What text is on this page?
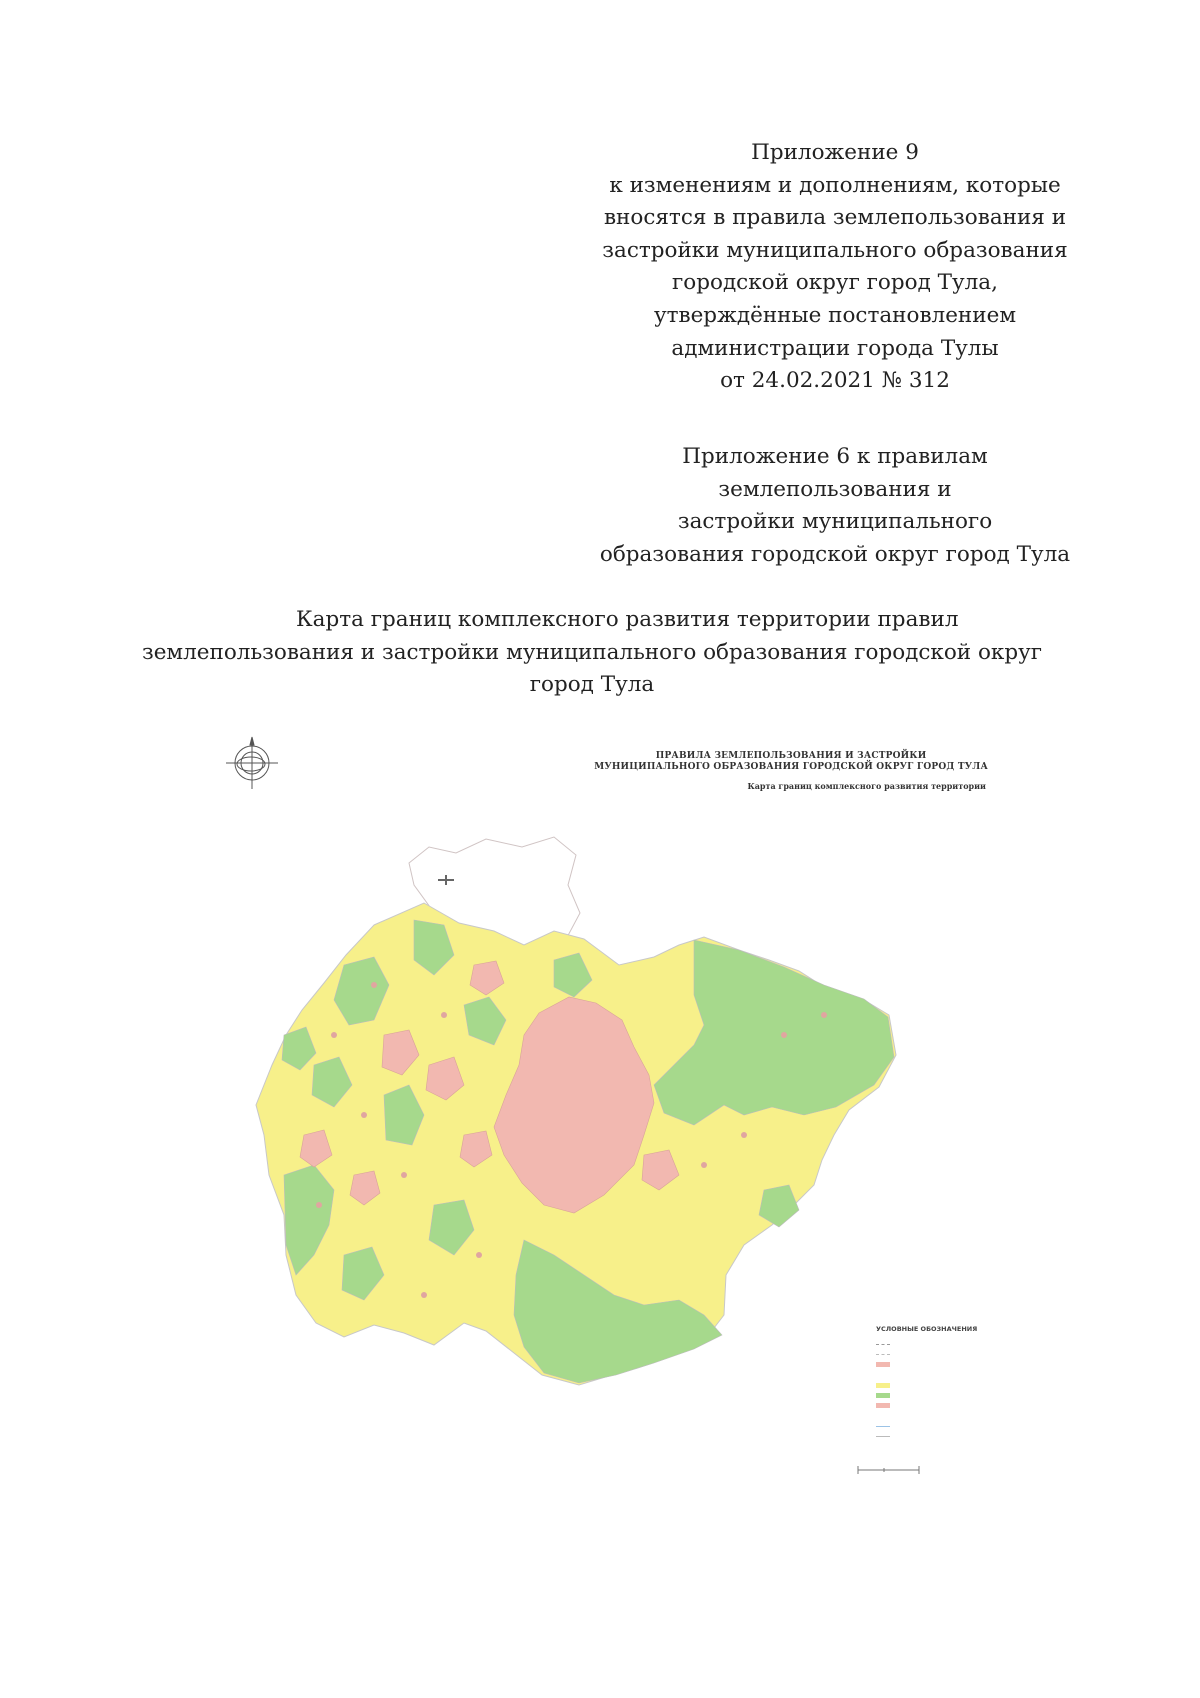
Приложение 9
к изменениям и дополнениям, которые
вносятся в правила землепользования и
застройки муниципального образования
городской округ город Тула,
утверждённые постановлением
администрации города Тулы
от 24.02.2021 № 312
Приложение 6 к правилам
землепользования и
застройки муниципального
образования городской округ город Тула
Карта границ комплексного развития территории правил
землепользования и застройки муниципального образования городской округ
город Тула
ПРАВИЛА ЗЕМЛЕПОЛЬЗОВАНИЯ И ЗАСТРОЙКИ
МУНИЦИПАЛЬНОГО ОБРАЗОВАНИЯ ГОРОДСКОЙ ОКРУГ ГОРОД ТУЛА
Карта границ комплексного развития территории
УСЛОВНЫЕ ОБОЗНАЧЕНИЯ
